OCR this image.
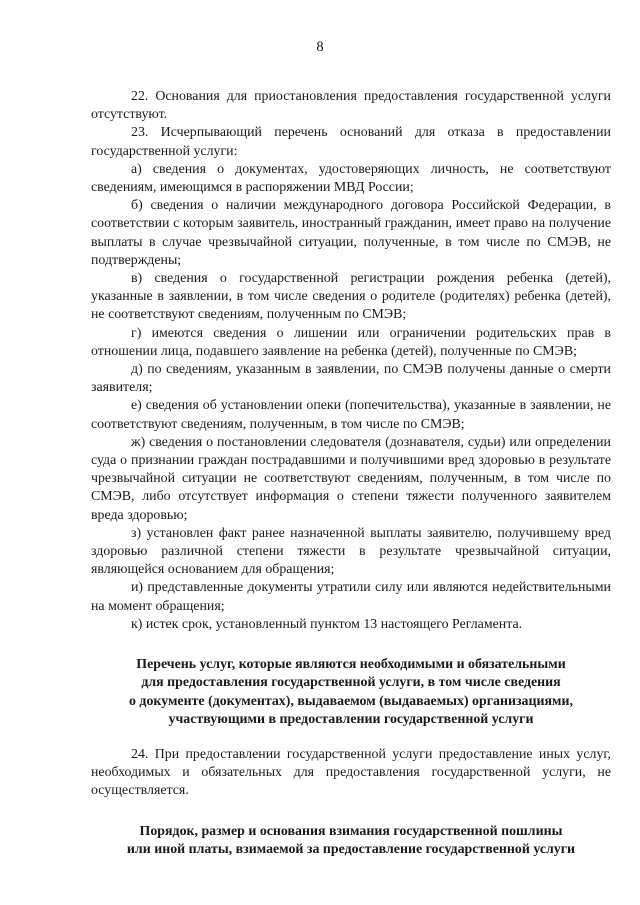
8

22. Основания для приостановления предоставления государственной услуги отсутствуют.

23. Исчерпывающий перечень оснований для отказа в предоставлении государственной услуги:

а) сведения о документах, удостоверяющих личность, не соответствуют сведениям, имеющимся в распоряжении МВД России;

б) сведения о наличии международного договора Российской Федерации, в соответствии с которым заявитель, иностранный гражданин, имеет право на получение выплаты в случае чрезвычайной ситуации, полученные, в том числе по СМЭВ, не подтверждены;

в) сведения о государственной регистрации рождения ребенка (детей), указанные в заявлении, в том числе сведения о родителе (родителях) ребенка (детей), не соответствуют сведениям, полученным по СМЭВ;

г) имеются сведения о лишении или ограничении родительских прав в отношении лица, подавшего заявление на ребенка (детей), полученные по СМЭВ;

д) по сведениям, указанным в заявлении, по СМЭВ получены данные о смерти заявителя;

е) сведения об установлении опеки (попечительства), указанные в заявлении, не соответствуют сведениям, полученным, в том числе по СМЭВ;

ж) сведения о постановлении следователя (дознавателя, судьи) или определении суда о признании граждан пострадавшими и получившими вред здоровью в результате чрезвычайной ситуации не соответствуют сведениям, полученным, в том числе по СМЭВ, либо отсутствует информация о степени тяжести полученного заявителем вреда здоровью;

з) установлен факт ранее назначенной выплаты заявителю, получившему вред здоровью различной степени тяжести в результате чрезвычайной ситуации, являющейся основанием для обращения;

и) представленные документы утратили силу или являются недействительными на момент обращения;

к) истек срок, установленный пунктом 13 настоящего Регламента.

Перечень услуг, которые являются необходимыми и обязательными
для предоставления государственной услуги, в том числе сведения
о документе (документах), выдаваемом (выдаваемых) организациями,
участвующими в предоставлении государственной услуги

24. При предоставлении государственной услуги предоставление иных услуг, необходимых и обязательных для предоставления государственной услуги, не осуществляется.

Порядок, размер и основания взимания государственной пошлины
или иной платы, взимаемой за предоставление государственной услуги
